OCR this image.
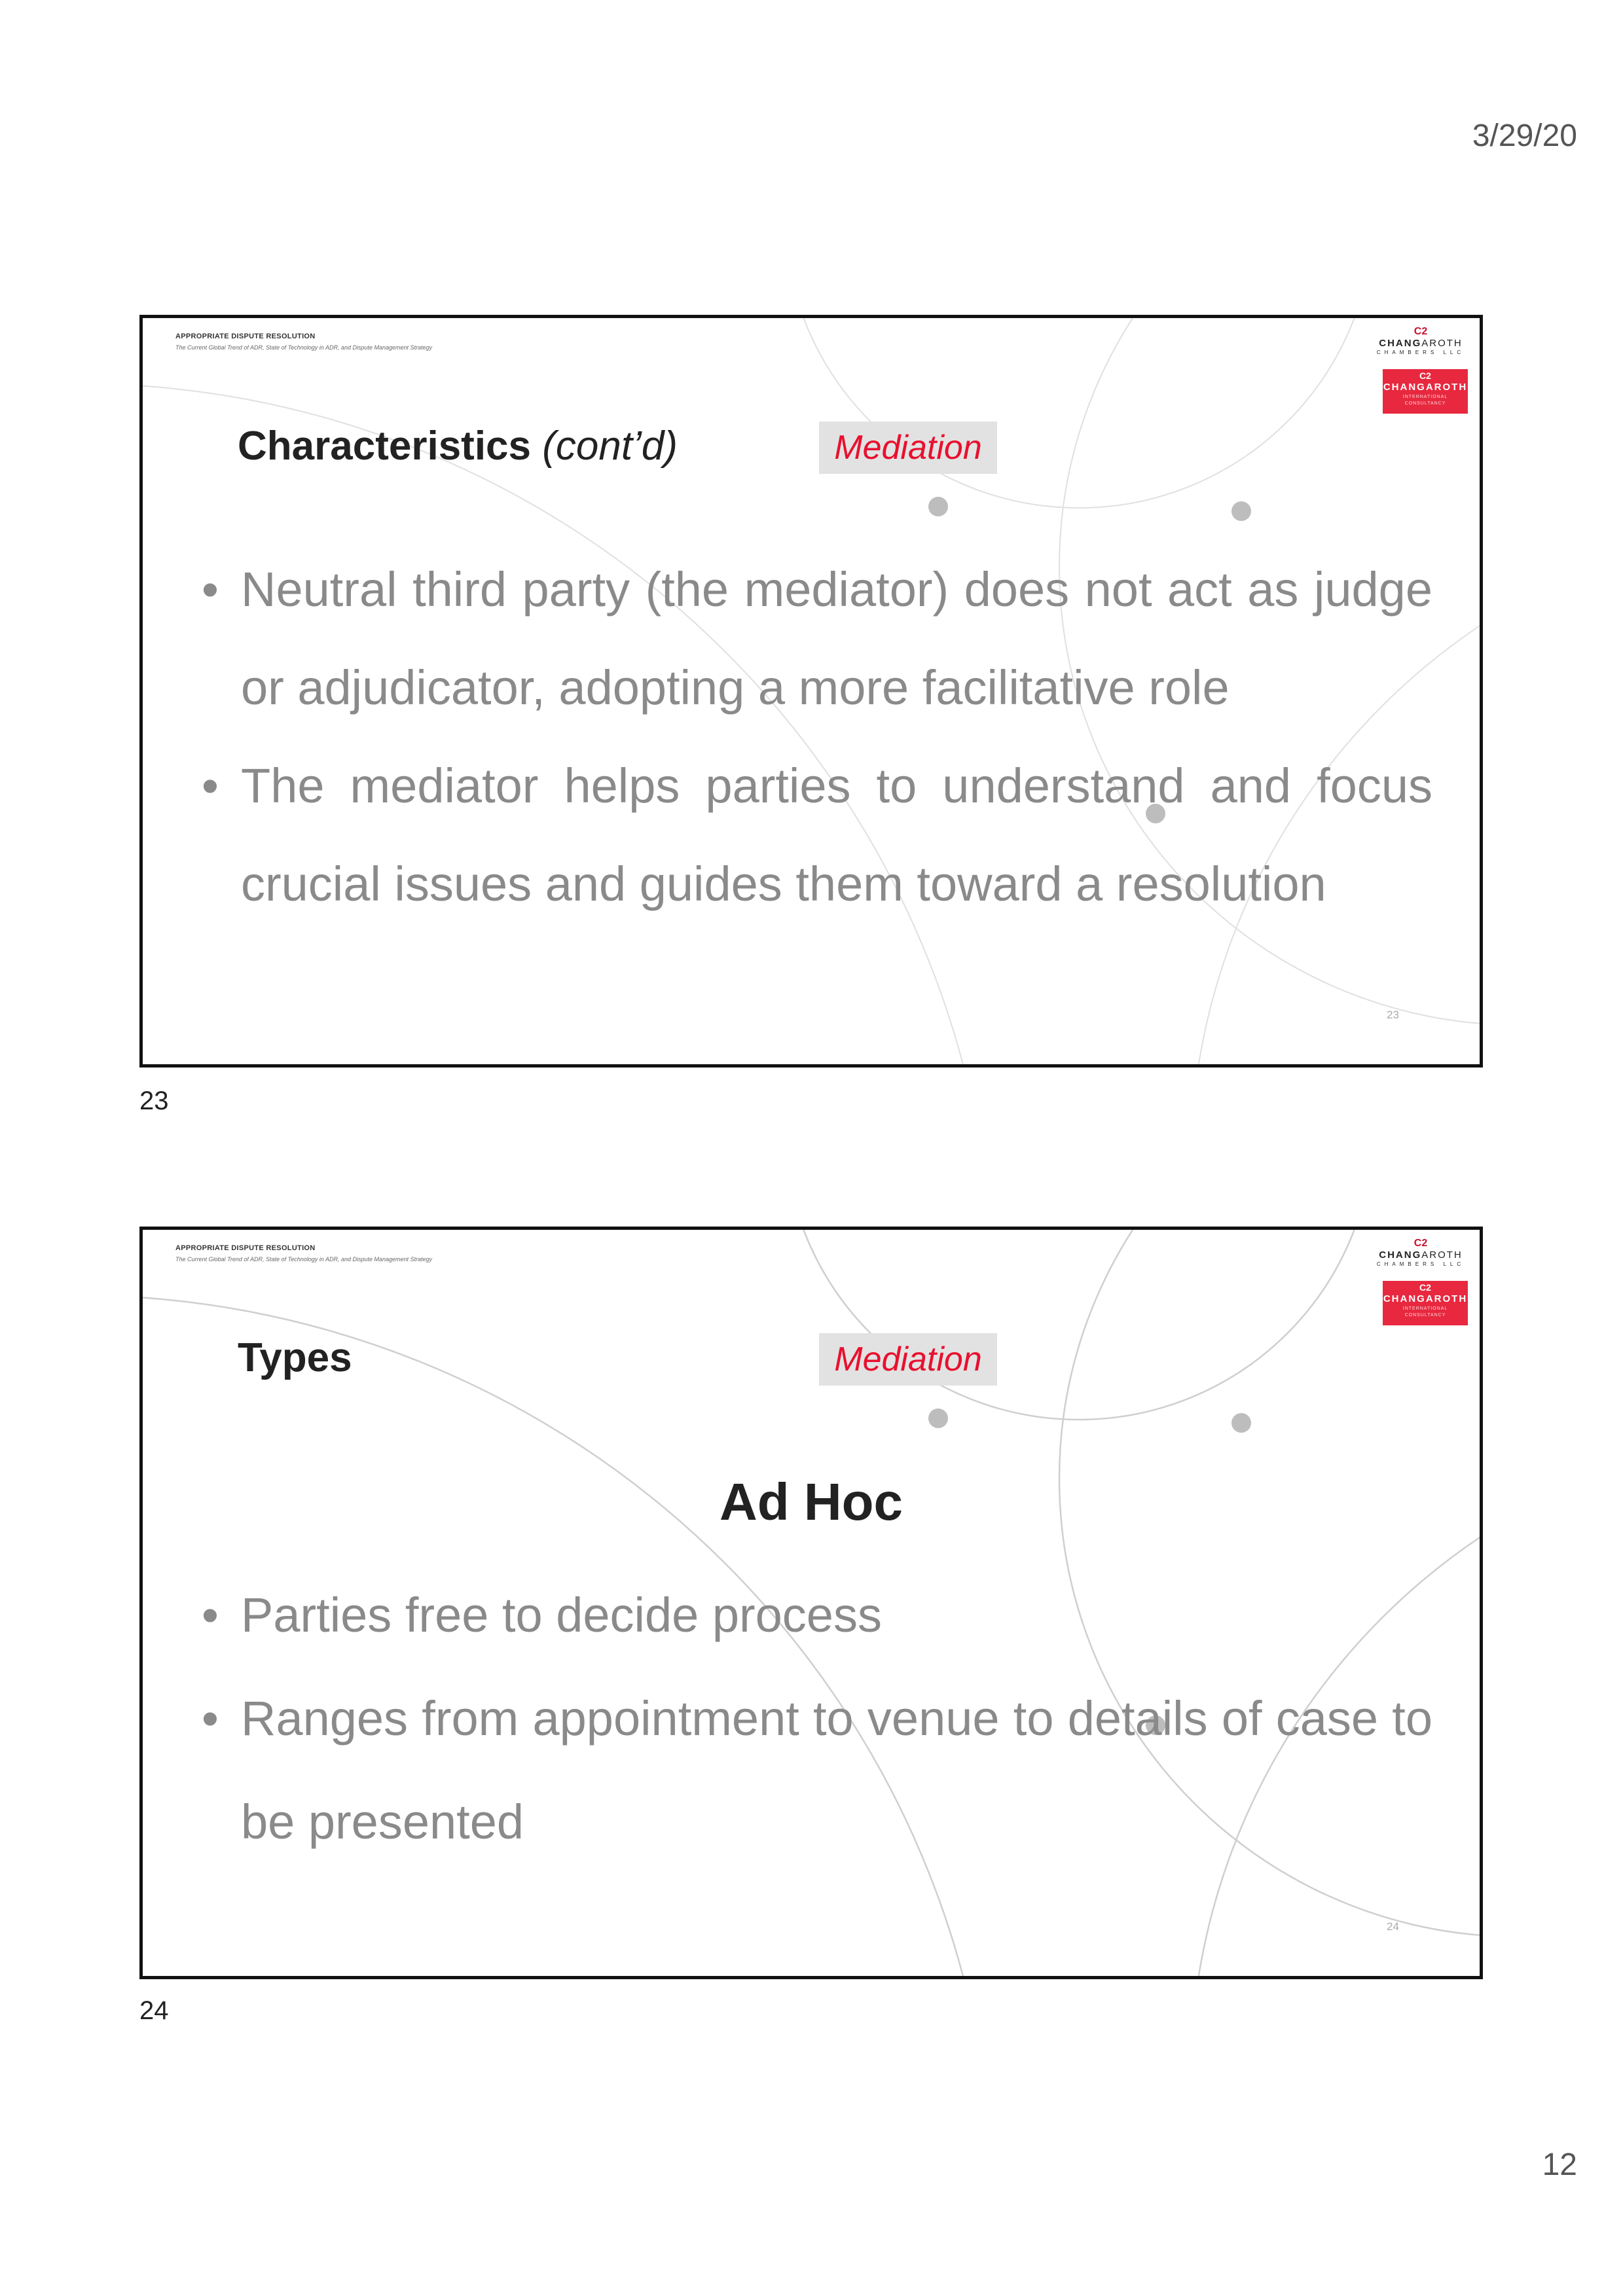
3/29/20
APPROPRIATE DISPUTE RESOLUTION
The Current Global Trend of ADR, State of Technology in ADR, and Dispute Management Strategy
C2
CHANGAROTH
CHAMBERS LLC
C2
CHANGAROTH
INTERNATIONAL CONSULTANCY
Characteristics (cont’d)	Mediation
• Neutral third party (the mediator) does not act as judge or adjudicator, adopting a more facilitative role
• The mediator helps parties to understand and focus crucial issues and guides them toward a resolution
23
23
APPROPRIATE DISPUTE RESOLUTION
The Current Global Trend of ADR, State of Technology in ADR, and Dispute Management Strategy
C2
CHANGAROTH
CHAMBERS LLC
C2
CHANGAROTH
INTERNATIONAL CONSULTANCY
Types	Mediation
Ad Hoc
• Parties free to decide process
• Ranges from appointment to venue to details of case to be presented
24
24
12
